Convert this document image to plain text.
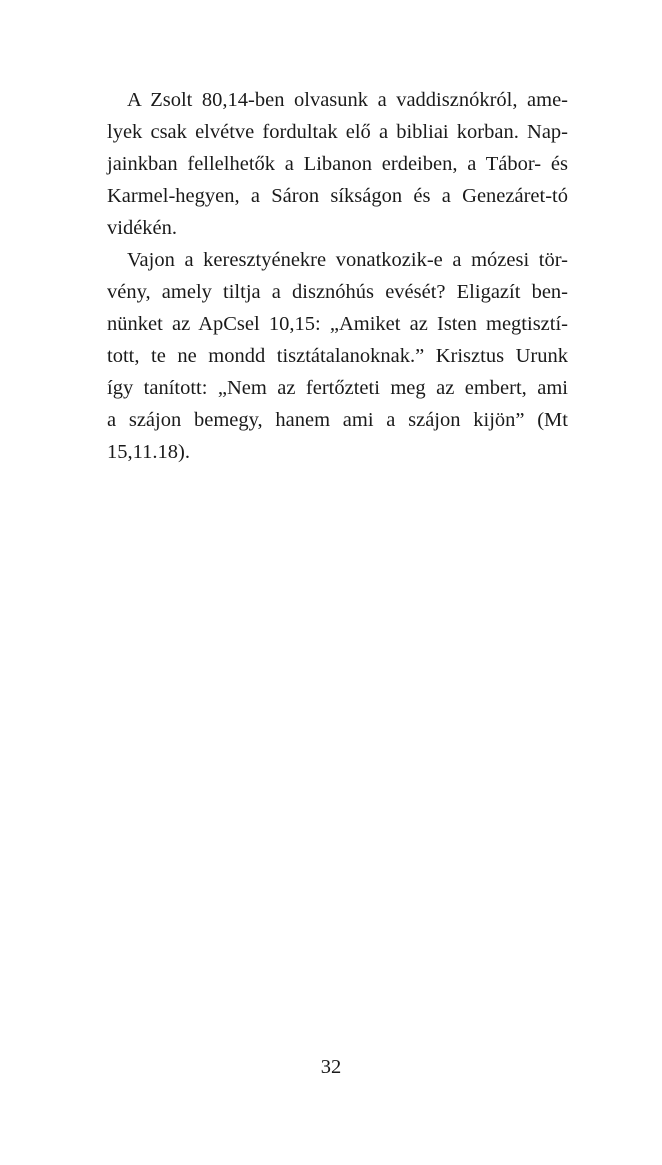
A Zsolt 80,14-ben olvasunk a vaddisznókról, ame-
lyek csak elvétve fordultak elő a bibliai korban. Nap-
jainkban fellelhetők a Libanon erdeiben, a Tábor- és
Karmel-hegyen, a Sáron síkságon és a Genezáret-tó
vidékén.
Vajon a keresztyénekre vonatkozik-e a mózesi tör-
vény, amely tiltja a disznóhús evését? Eligazít ben-
nünket az ApCsel 10,15: „Amiket az Isten megtisztí-
tott, te ne mondd tisztátalanoknak.” Krisztus Urunk
így tanított: „Nem az fertőzteti meg az embert, ami
a szájon bemegy, hanem ami a szájon kijön” (Mt
15,11.18).
32
